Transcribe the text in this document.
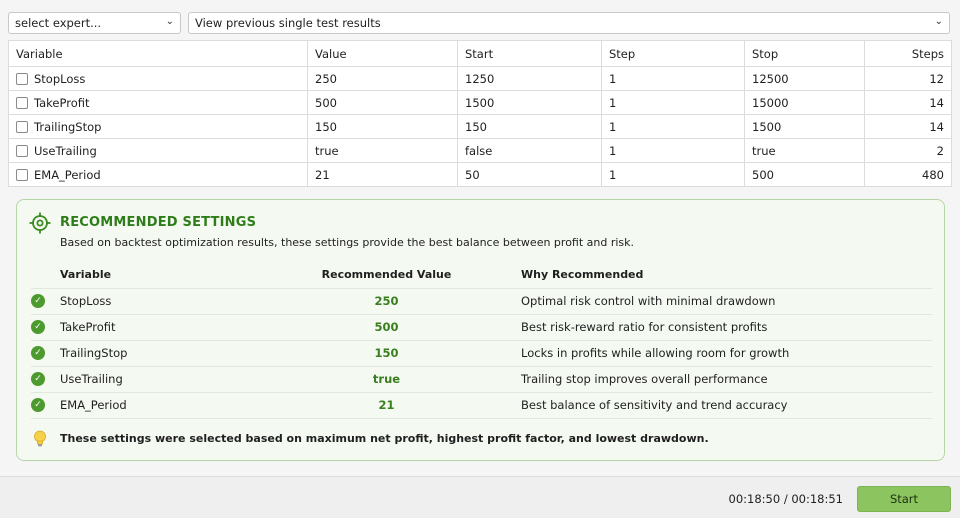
select expert...	⌄	View previous single test results	⌄
Variable	Value	Start	Step	Stop	Steps
StopLoss	250	1250	1	12500	12
TakeProfit	500	1500	1	15000	14
TrailingStop	150	150	1	1500	14
UseTrailing	true	false	1	true	2
EMA_Period	21	50	1	500	480
RECOMMENDED SETTINGS
Based on backtest optimization results, these settings provide the best balance between profit and risk.
	Variable	Recommended Value	Why Recommended
✓	StopLoss	250	Optimal risk control with minimal drawdown
✓	TakeProfit	500	Best risk-reward ratio for consistent profits
✓	TrailingStop	150	Locks in profits while allowing room for growth
✓	UseTrailing	true	Trailing stop improves overall performance
✓	EMA_Period	21	Best balance of sensitivity and trend accuracy
These settings were selected based on maximum net profit, highest profit factor, and lowest drawdown.
00:18:50 / 00:18:51	Start
